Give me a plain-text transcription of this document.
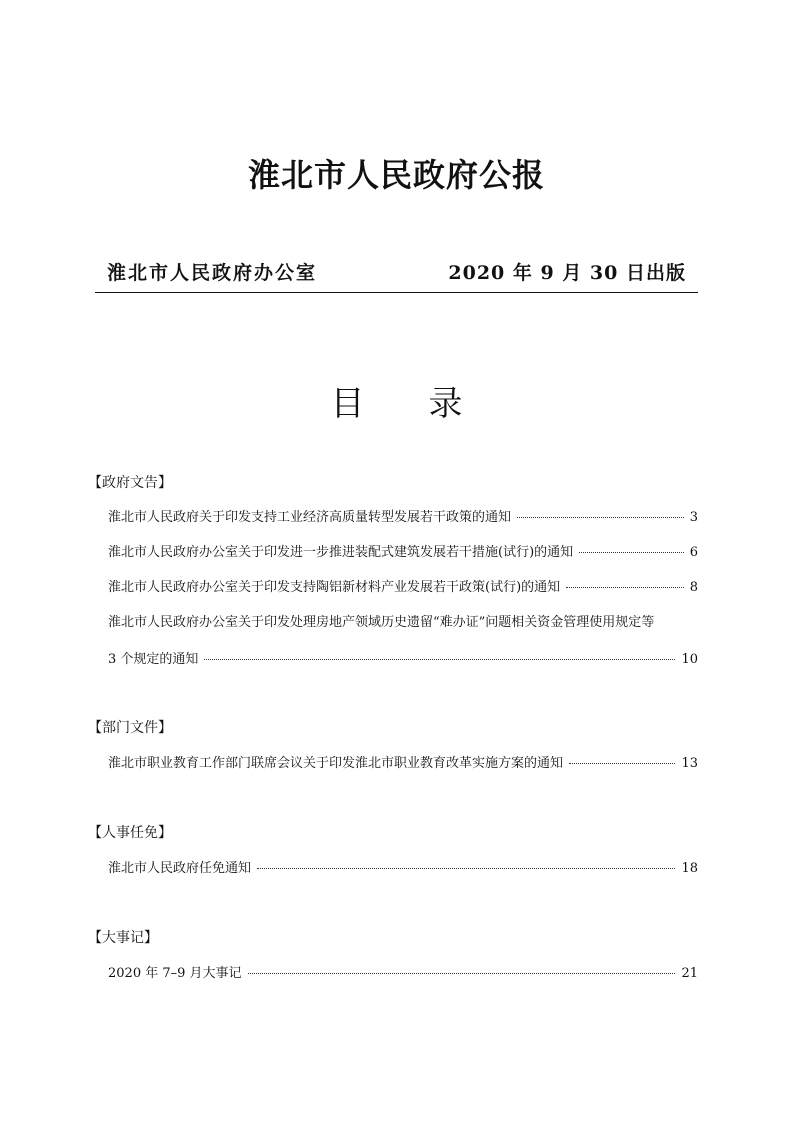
淮北市人民政府公报
淮北市人民政府办公室	2020 年 9 月 30 日出版
目录
【政府文告】
淮北市人民政府关于印发支持工业经济高质量转型发展若干政策的通知	3
淮北市人民政府办公室关于印发进一步推进装配式建筑发展若干措施(试行)的通知	6
淮北市人民政府办公室关于印发支持陶铝新材料产业发展若干政策(试行)的通知	8
淮北市人民政府办公室关于印发处理房地产领域历史遗留“难办证”问题相关资金管理使用规定等
3 个规定的通知	10
【部门文件】
淮北市职业教育工作部门联席会议关于印发淮北市职业教育改革实施方案的通知	13
【人事任免】
淮北市人民政府任免通知	18
【大事记】
2020 年 7–9 月大事记	21
